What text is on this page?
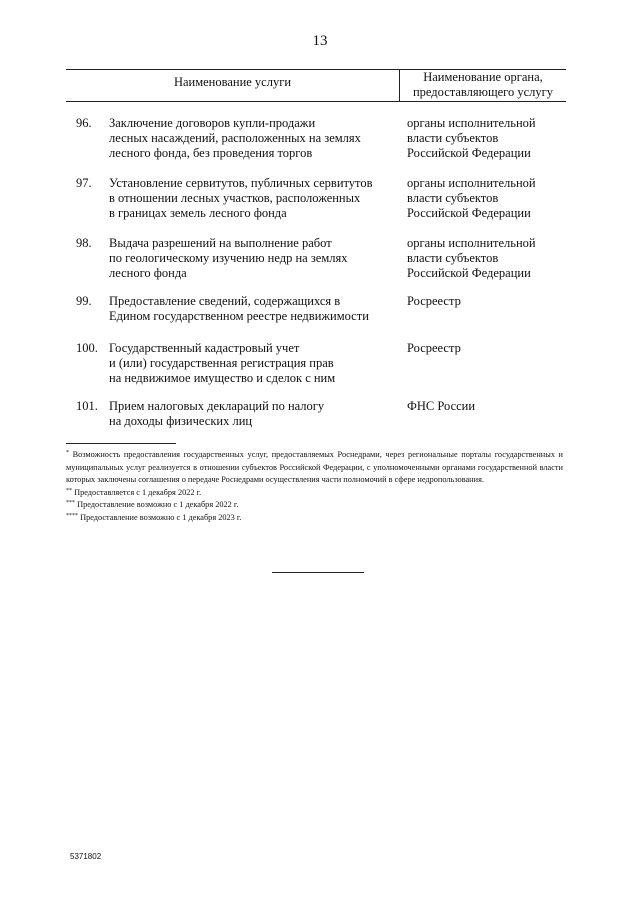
13
Наименование услуги	Наименование органа,
предоставляющего услугу
96. Заключение договоров купли-продажи
лесных насаждений, расположенных на землях
лесного фонда, без проведения торгов
органы исполнительной
власти субъектов
Российской Федерации
97. Установление сервитутов, публичных сервитутов
в отношении лесных участков, расположенных
в границах земель лесного фонда
органы исполнительной
власти субъектов
Российской Федерации
98. Выдача разрешений на выполнение работ
по геологическому изучению недр на землях
лесного фонда
органы исполнительной
власти субъектов
Российской Федерации
99. Предоставление сведений, содержащихся в
Едином государственном реестре недвижимости
Росреестр
100. Государственный кадастровый учет
и (или) государственная регистрация прав
на недвижимое имущество и сделок с ним
Росреестр
101. Прием налоговых деклараций по налогу
на доходы физических лиц
ФНС России

* Возможность предоставления государственных услуг, предоставляемых Роснедрами, через региональные порталы государственных и муниципальных услуг реализуется в отношении субъектов Российской Федерации, с уполномоченными органами государственной власти которых заключены соглашения о передаче Роснедрами осуществления части полномочий в сфере недропользования.

** Предоставляется с 1 декабря 2022 г.

*** Предоставление возможно с 1 декабря 2022 г.

**** Предоставление возможно с 1 декабря 2023 г.

5371802
